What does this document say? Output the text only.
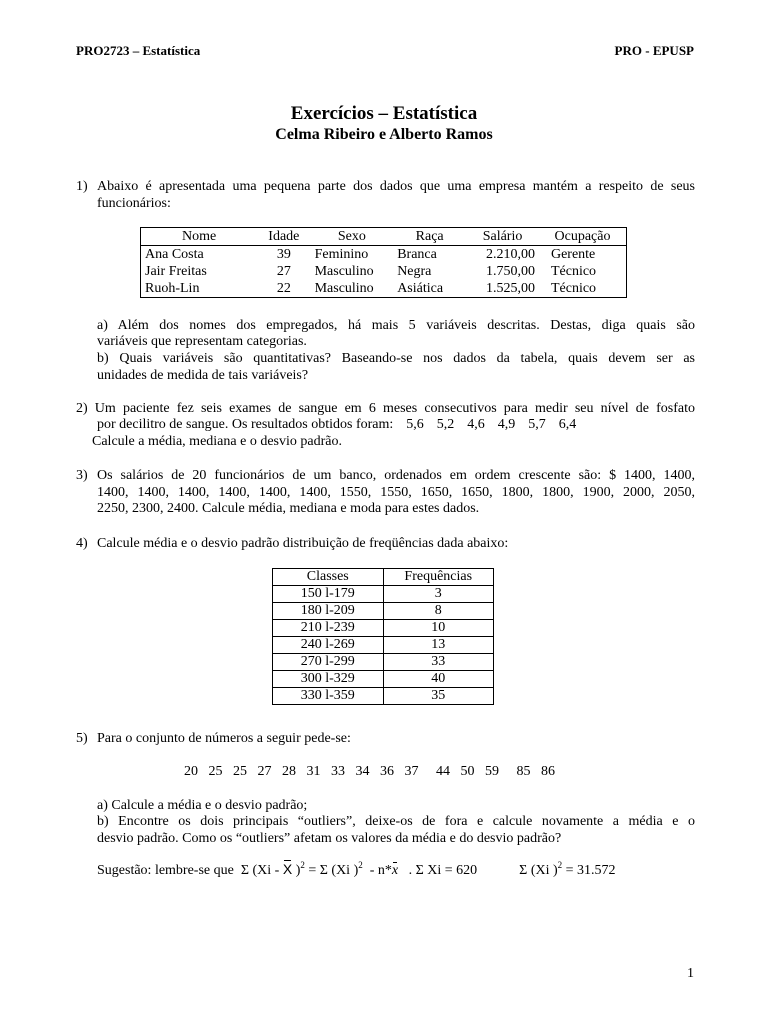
PRO2723 – Estatística	PRO - EPUSP
Exercícios – Estatística
Celma Ribeiro e Alberto Ramos
1) Abaixo é apresentada uma pequena parte dos dados que uma empresa mantém a respeito de seus
funcionários:
Nome	Idade	Sexo	Raça	Salário	Ocupação
Ana Costa	39	Feminino	Branca	2.210,00	Gerente
Jair Freitas	27	Masculino	Negra	1.750,00	Técnico
Ruoh-Lin	22	Masculino	Asiática	1.525,00	Técnico
a) Além dos nomes dos empregados, há mais 5 variáveis descritas. Destas, diga quais são
variáveis que representam categorias.
b) Quais variáveis são quantitativas? Baseando-se nos dados da tabela, quais devem ser as
unidades de medida de tais variáveis?
2) Um paciente fez seis exames de sangue em 6 meses consecutivos para medir seu nível de fosfato
por decilitro de sangue. Os resultados obtidos foram: 5,6 5,2 4,6 4,9 5,7 6,4
Calcule a média, mediana e o desvio padrão.
3) Os salários de 20 funcionários de um banco, ordenados em ordem crescente são: $ 1400, 1400,
1400, 1400, 1400, 1400, 1400, 1400, 1550, 1550, 1650, 1650, 1800, 1800, 1900, 2000, 2050,
2250, 2300, 2400. Calcule média, mediana e moda para estes dados.
4) Calcule média e o desvio padrão distribuição de freqüências dada abaixo:
Classes	Frequências
150 l-179	3
180 l-209	8
210 l-239	10
240 l-269	13
270 l-299	33
300 l-329	40
330 l-359	35
5) Para o conjunto de números a seguir pede-se:
20 25 25 27 28 31 33 34 36 37 44 50 59 85 86
a) Calcule a média e o desvio padrão;
b) Encontre os dois principais “outliers”, deixe-os de fora e calcule novamente a média e o
desvio padrão. Como os “outliers” afetam os valores da média e do desvio padrão?
Sugestão: lembre-se que Σ (Xi - X )$^2$ = Σ (Xi )$^2$ - n*x . Σ Xi = 620	Σ (Xi )$^2$ = 31.572
1
